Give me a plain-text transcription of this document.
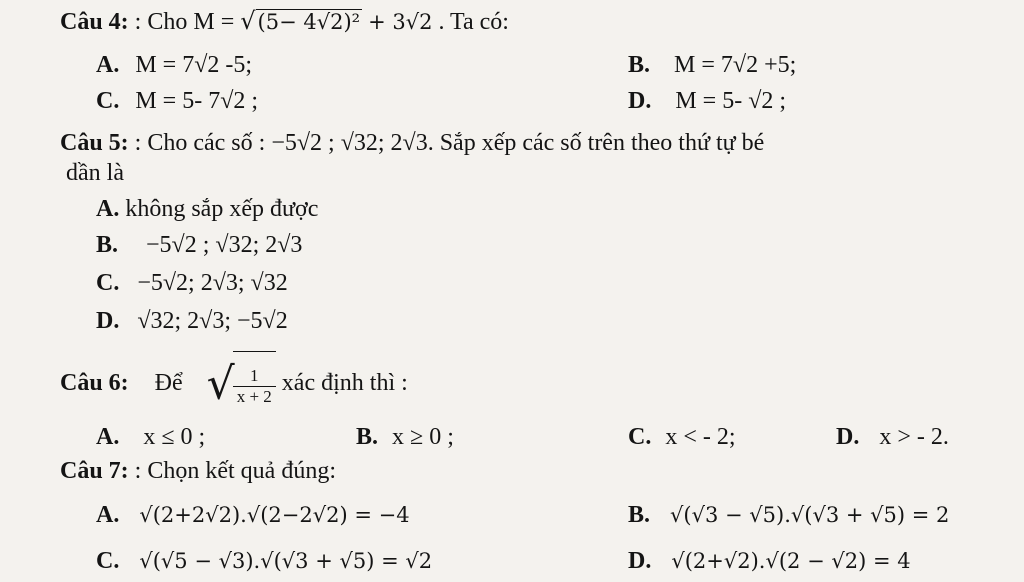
Câu 4: : Cho M = √(5− 4√2)² + 3√2 . Ta có:
A. M = 7√2 -5;	B. M = 7√2 +5;
C. M = 5- 7√2 ;	D. M = 5- √2 ;
Câu 5: : Cho các số : −5√2 ; √32; 2√3. Sắp xếp các số trên theo thứ tự bé
dần là
A. không sắp xếp được
B. −5√2 ; √32; 2√3
C. −5√2; 2√3; √32
D. √32; 2√3; −5√2
Câu 6: Để √
$\frac{1}{x + 2}$ xác định thì :
A. x ≤ 0 ;	B. x ≥ 0 ;	C. x < - 2;	D. x > - 2.
Câu 7: : Chọn kết quả đúng:
A. √(2+2√2).√(2−2√2) = −4	B. √(√3 − √5).√(√3 + √5) = 2
C. √(√5 − √3).√(√3 + √5) = √2	D. √(2+√2).√(2 − √2) = 4
